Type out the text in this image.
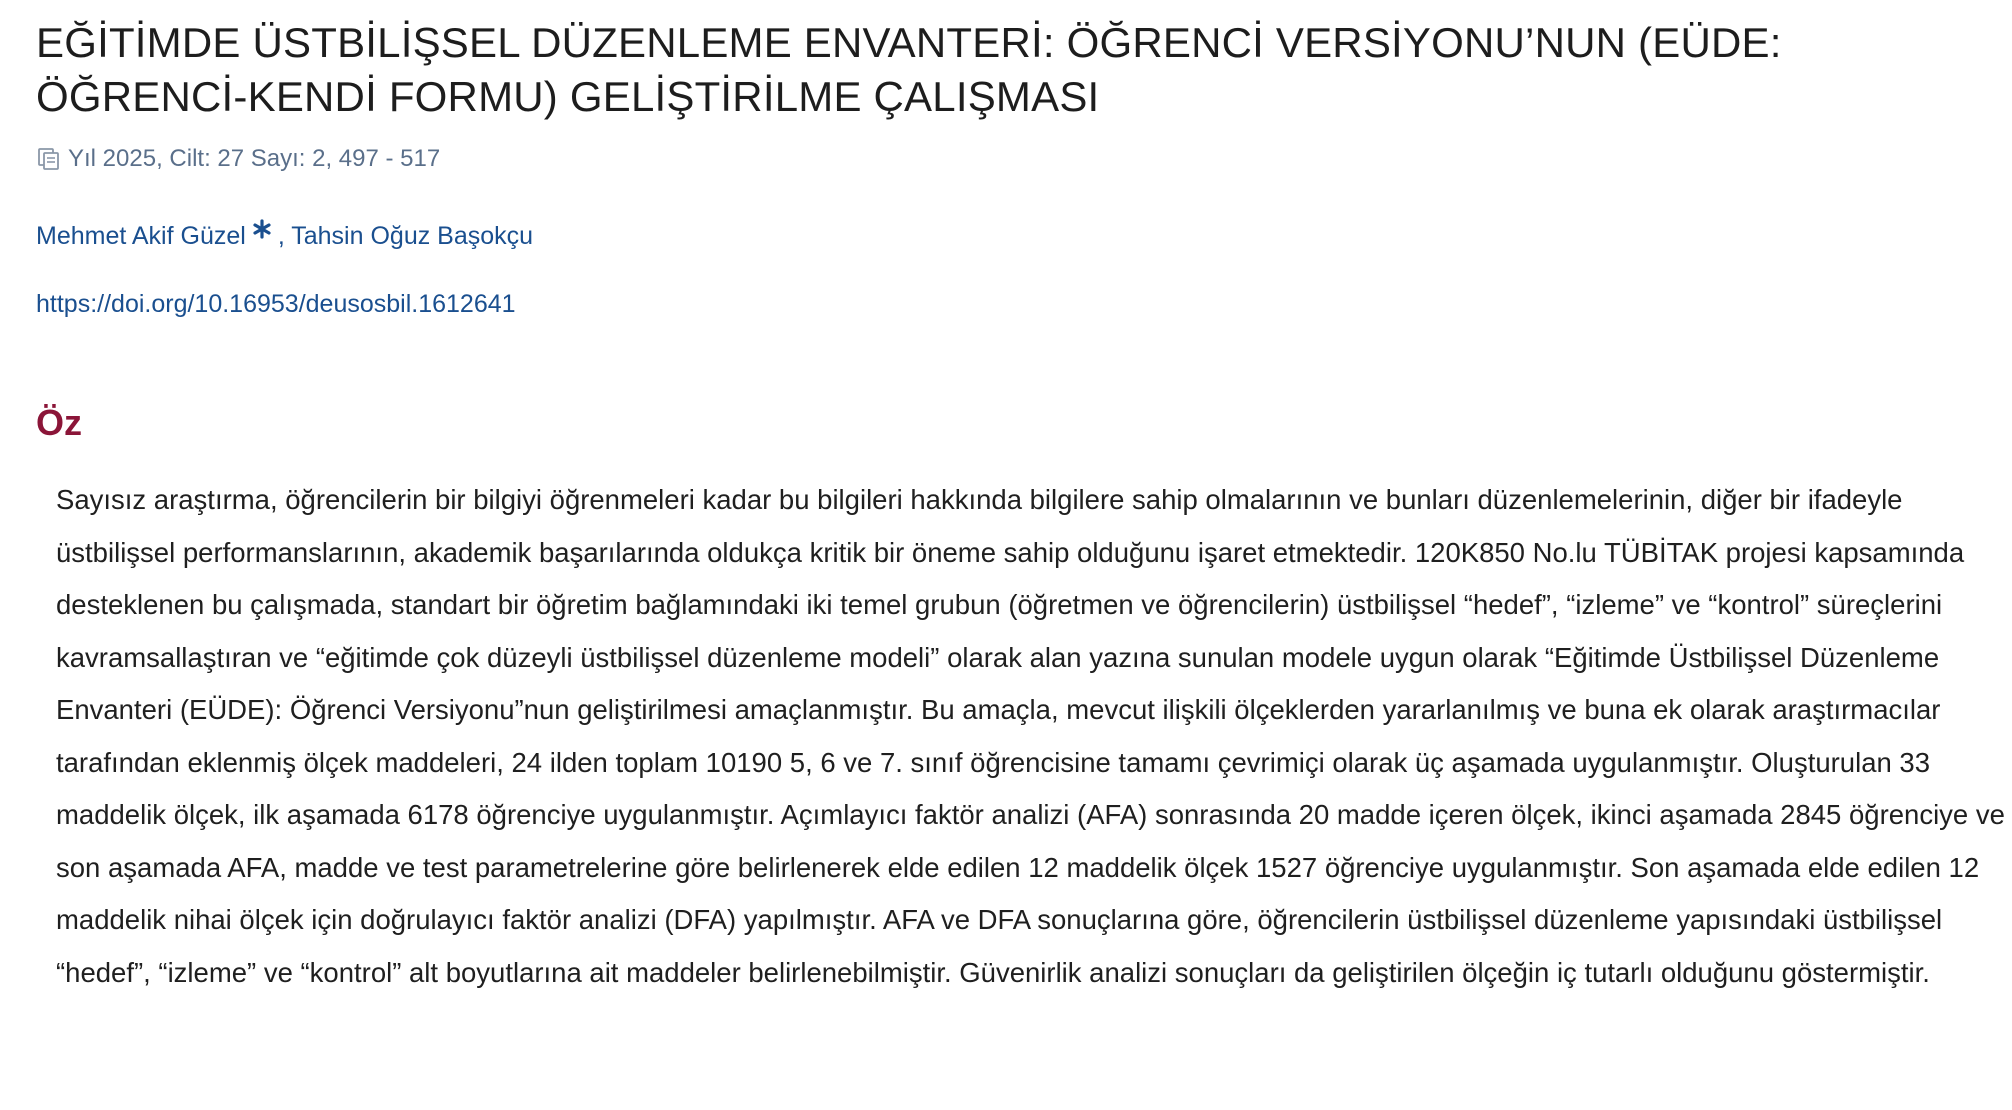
EĞİTİMDE ÜSTBİLİŞSEL DÜZENLEME ENVANTERİ: ÖĞRENCİ VERSİYONU’NUN (EÜDE: ÖĞRENCİ-KENDİ FORMU) GELİŞTİRİLME ÇALIŞMASI
Yıl 2025, Cilt: 27 Sayı: 2, 497 - 517
Mehmet Akif Güzel , Tahsin Oğuz Başokçu
https://doi.org/10.16953/deusosbil.1612641
Öz

Sayısız araştırma, öğrencilerin bir bilgiyi öğrenmeleri kadar bu bilgileri hakkında bilgilere sahip olmalarının ve bunları düzenlemelerinin, diğer bir ifadeyle üstbilişsel performanslarının, akademik başarılarında oldukça kritik bir öneme sahip olduğunu işaret etmektedir. 120K850 No.lu TÜBİTAK projesi kapsamında desteklenen bu çalışmada, standart bir öğretim bağlamındaki iki temel grubun (öğretmen ve öğrencilerin) üstbilişsel “hedef”, “izleme” ve “kontrol” süreçlerini kavramsallaştıran ve “eğitimde çok düzeyli üstbilişsel düzenleme modeli” olarak alan yazına sunulan modele uygun olarak “Eğitimde Üstbilişsel Düzenleme Envanteri (EÜDE): Öğrenci Versiyonu”nun geliştirilmesi amaçlanmıştır. Bu amaçla, mevcut ilişkili ölçeklerden yararlanılmış ve buna ek olarak araştırmacılar tarafından eklenmiş ölçek maddeleri, 24 ilden toplam 10190 5, 6 ve 7. sınıf öğrencisine tamamı çevrimiçi olarak üç aşamada uygulanmıştır. Oluşturulan 33 maddelik ölçek, ilk aşamada 6178 öğrenciye uygulanmıştır. Açımlayıcı faktör analizi (AFA) sonrasında 20 madde içeren ölçek, ikinci aşamada 2845 öğrenciye ve son aşamada AFA, madde ve test parametrelerine göre belirlenerek elde edilen 12 maddelik ölçek 1527 öğrenciye uygulanmıştır. Son aşamada elde edilen 12 maddelik nihai ölçek için doğrulayıcı faktör analizi (DFA) yapılmıştır. AFA ve DFA sonuçlarına göre, öğrencilerin üstbilişsel düzenleme yapısındaki üstbilişsel “hedef”, “izleme” ve “kontrol” alt boyutlarına ait maddeler belirlenebilmiştir. Güvenirlik analizi sonuçları da geliştirilen ölçeğin iç tutarlı olduğunu göstermiştir.
